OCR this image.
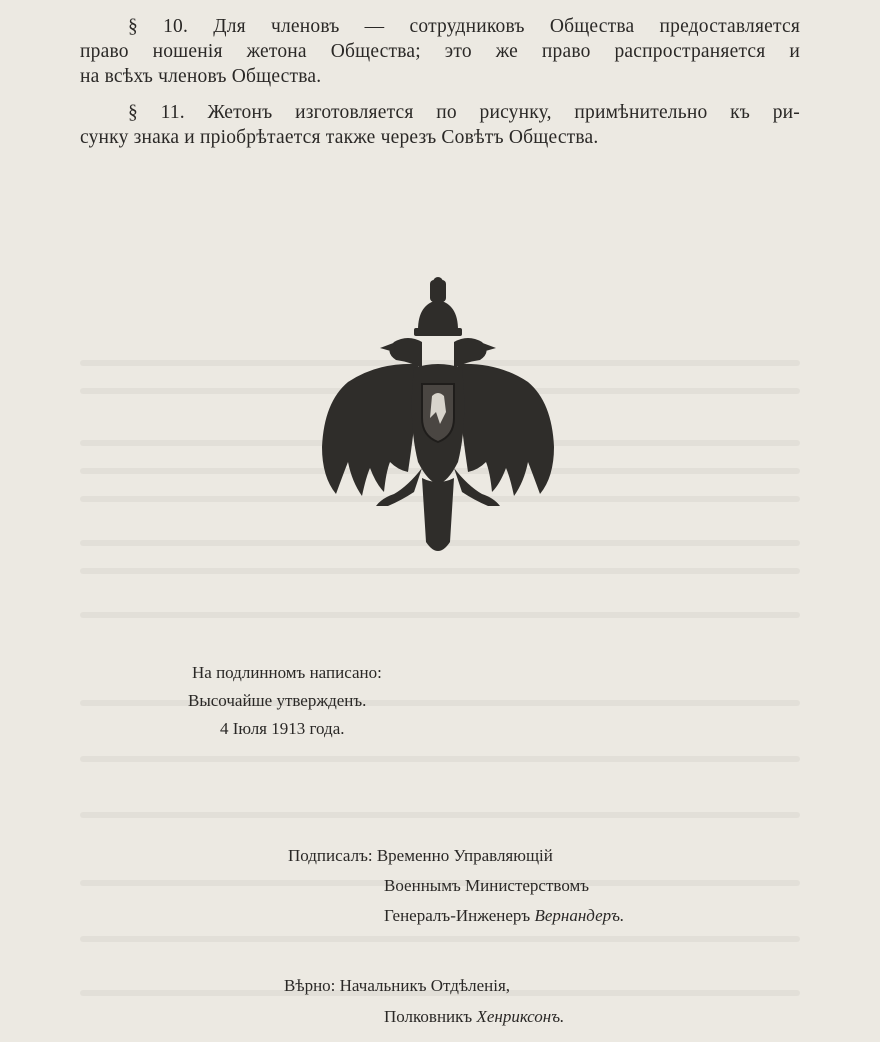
§ 10. Для членовъ — сотрудниковъ Общества предоставляется
право ношенія жетона Общества; это же право распространяется и
на всѣхъ членовъ Общества.

§ 11. Жетонъ изготовляется по рисунку, примѣнительно къ ри-
сунку знака и пріобрѣтается также черезъ Совѣтъ Общества.

На подлинномъ написано:

Высочайше утвержденъ.

4 Іюля 1913 года.

Подписалъ: Временно Управляющій

Военнымъ Министерствомъ

Генералъ-Инженеръ Вернандеръ.

Вѣрно: Начальникъ Отдѣленія,

Полковникъ Хенриксонъ.
